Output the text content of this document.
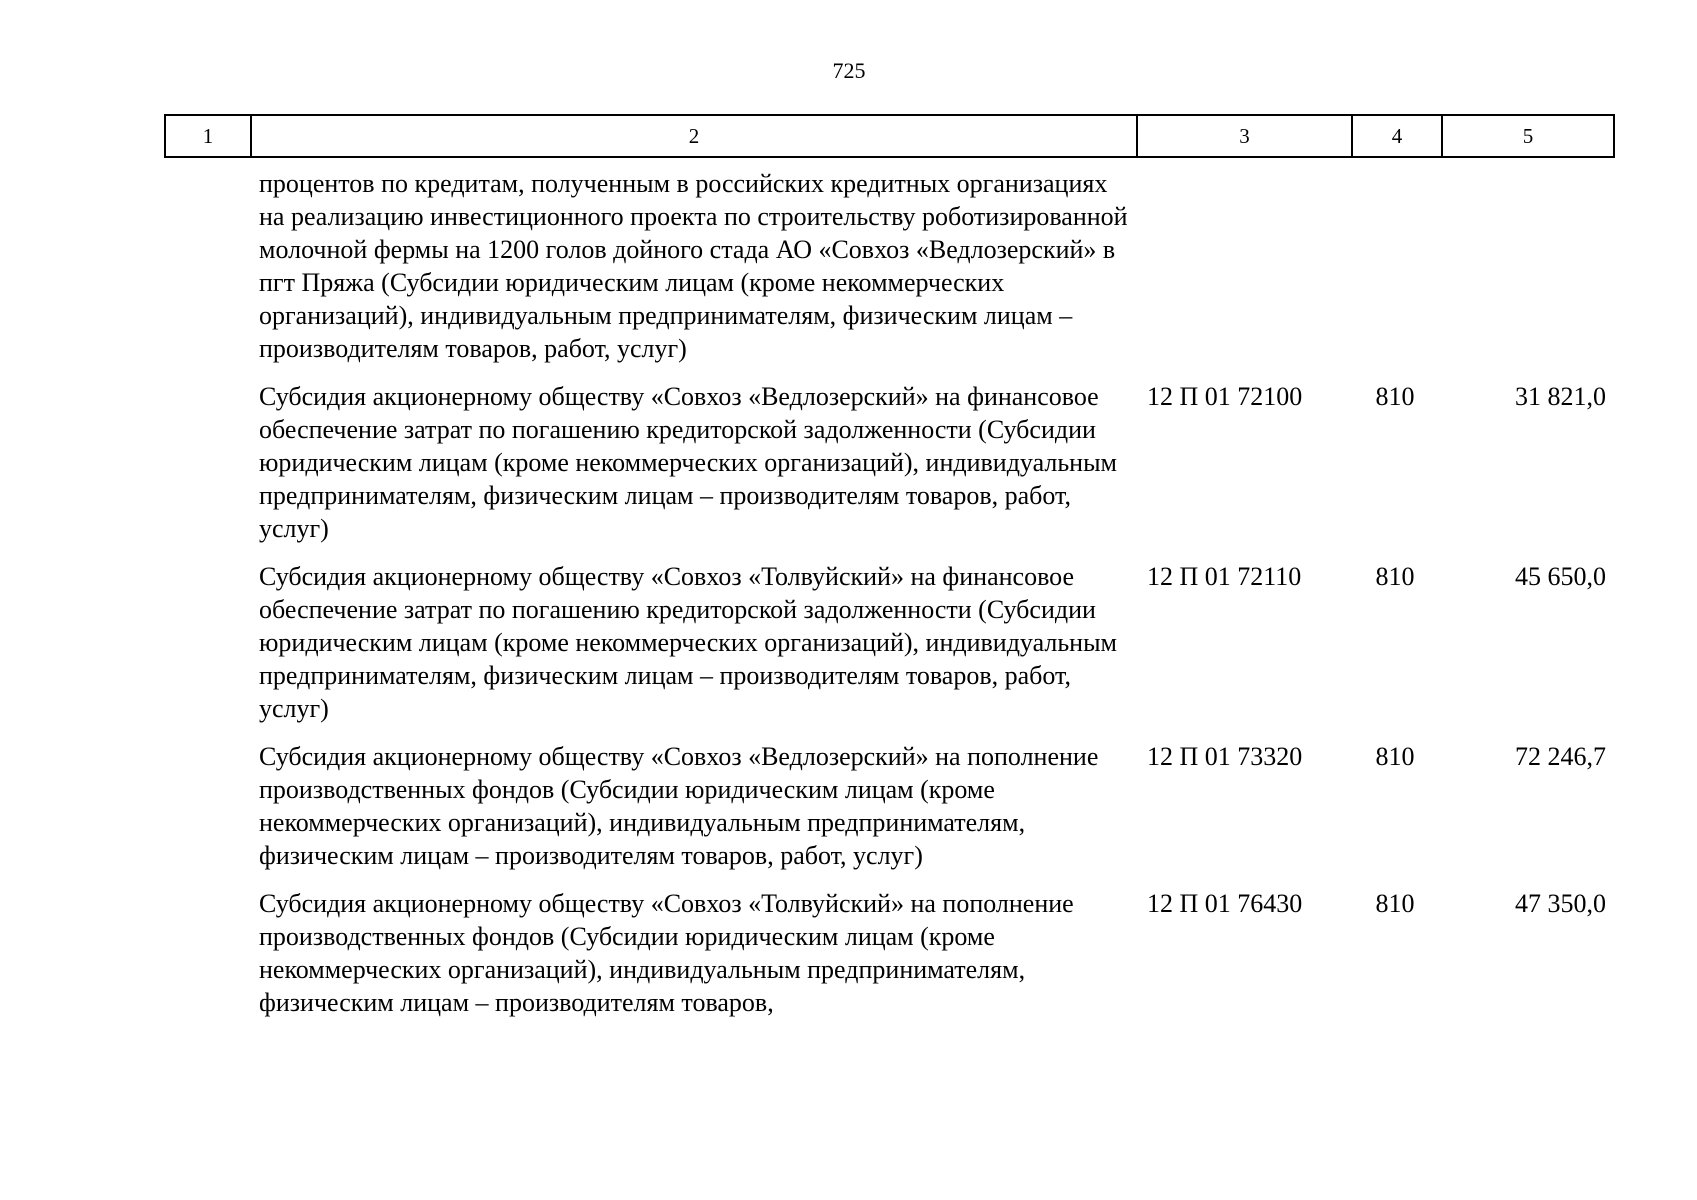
725
1	2	3	4	5
	процентов по кредитам, полученным в российских кредитных организациях на реализацию инвестиционного проекта по строительству роботизированной молочной фермы на 1200 голов дойного стада АО «Совхоз «Ведлозерский» в пгт Пряжа (Субсидии юридическим лицам (кроме некоммерческих организаций), индивидуальным предпринимателям, физическим лицам – производителям товаров, работ, услуг)			
	Субсидия акционерному обществу «Совхоз «Ведлозерский» на финансовое обеспечение затрат по погашению кредиторской задолженности (Субсидии юридическим лицам (кроме некоммерческих организаций), индивидуальным предпринимателям, физическим лицам – производителям товаров, работ, услуг)	12 П 01 72100	810	31 821,0
	Субсидия акционерному обществу «Совхоз «Толвуйский» на финансовое обеспечение затрат по погашению кредиторской задолженности (Субсидии юридическим лицам (кроме некоммерческих организаций), индивидуальным предпринимателям, физическим лицам – производителям товаров, работ, услуг)	12 П 01 72110	810	45 650,0
	Субсидия акционерному обществу «Совхоз «Ведлозерский» на пополнение производственных фондов (Субсидии юридическим лицам (кроме некоммерческих организаций), индивидуальным предпринимателям, физическим лицам – производителям товаров, работ, услуг)	12 П 01 73320	810	72 246,7
	Субсидия акционерному обществу «Совхоз «Толвуйский» на пополнение производственных фондов (Субсидии юридическим лицам (кроме некоммерческих организаций), индивидуальным предпринимателям, физическим лицам – производителям товаров,	12 П 01 76430	810	47 350,0
